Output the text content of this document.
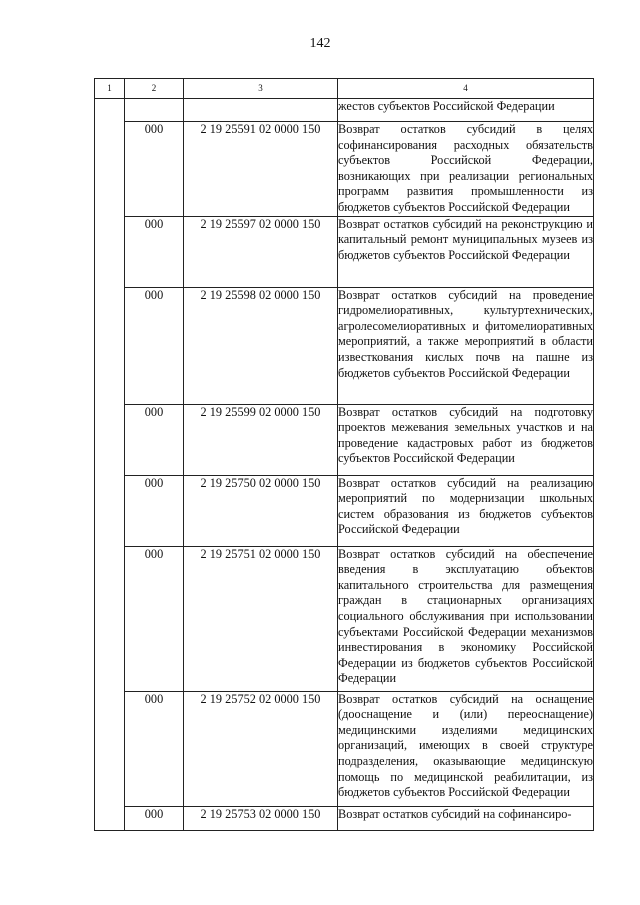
142
1	2	3	4
			жестов субъектов Российской Федерации
	000	2 19 25591 02 0000 150	Возврат остатков субсидий в целях софинансирования расходных обязательств субъектов Российской Федерации, возникающих при реализации региональных программ развития промышленности из бюджетов субъектов Российской Федерации
	000	2 19 25597 02 0000 150	Возврат остатков субсидий на реконструкцию и капитальный ремонт муниципальных музеев из бюджетов субъектов Российской Федерации
	000	2 19 25598 02 0000 150	Возврат остатков субсидий на проведение гидромелиоративных, культуртехнических, агролесомелиоративных и фитомелиоративных мероприятий, а также мероприятий в области известкования кислых почв на пашне из бюджетов субъектов Российской Федерации
	000	2 19 25599 02 0000 150	Возврат остатков субсидий на подготовку проектов межевания земельных участков и на проведение кадастровых работ из бюджетов субъектов Российской Федерации
	000	2 19 25750 02 0000 150	Возврат остатков субсидий на реализацию мероприятий по модернизации школьных систем образования из бюджетов субъектов Российской Федерации
	000	2 19 25751 02 0000 150	Возврат остатков субсидий на обеспечение введения в эксплуатацию объектов капитального строительства для размещения граждан в стационарных организациях социального обслуживания при использовании субъектами Российской Федерации механизмов инвестирования в экономику Российской Федерации из бюджетов субъектов Российской Федерации
	000	2 19 25752 02 0000 150	Возврат остатков субсидий на оснащение (дооснащение и (или) переоснащение) медицинскими изделиями медицинских организаций, имеющих в своей структуре подразделения, оказывающие медицинскую помощь по медицинской реабилитации, из бюджетов субъектов Российской Федерации
	000	2 19 25753 02 0000 150	Возврат остатков субсидий на софинансиро-
